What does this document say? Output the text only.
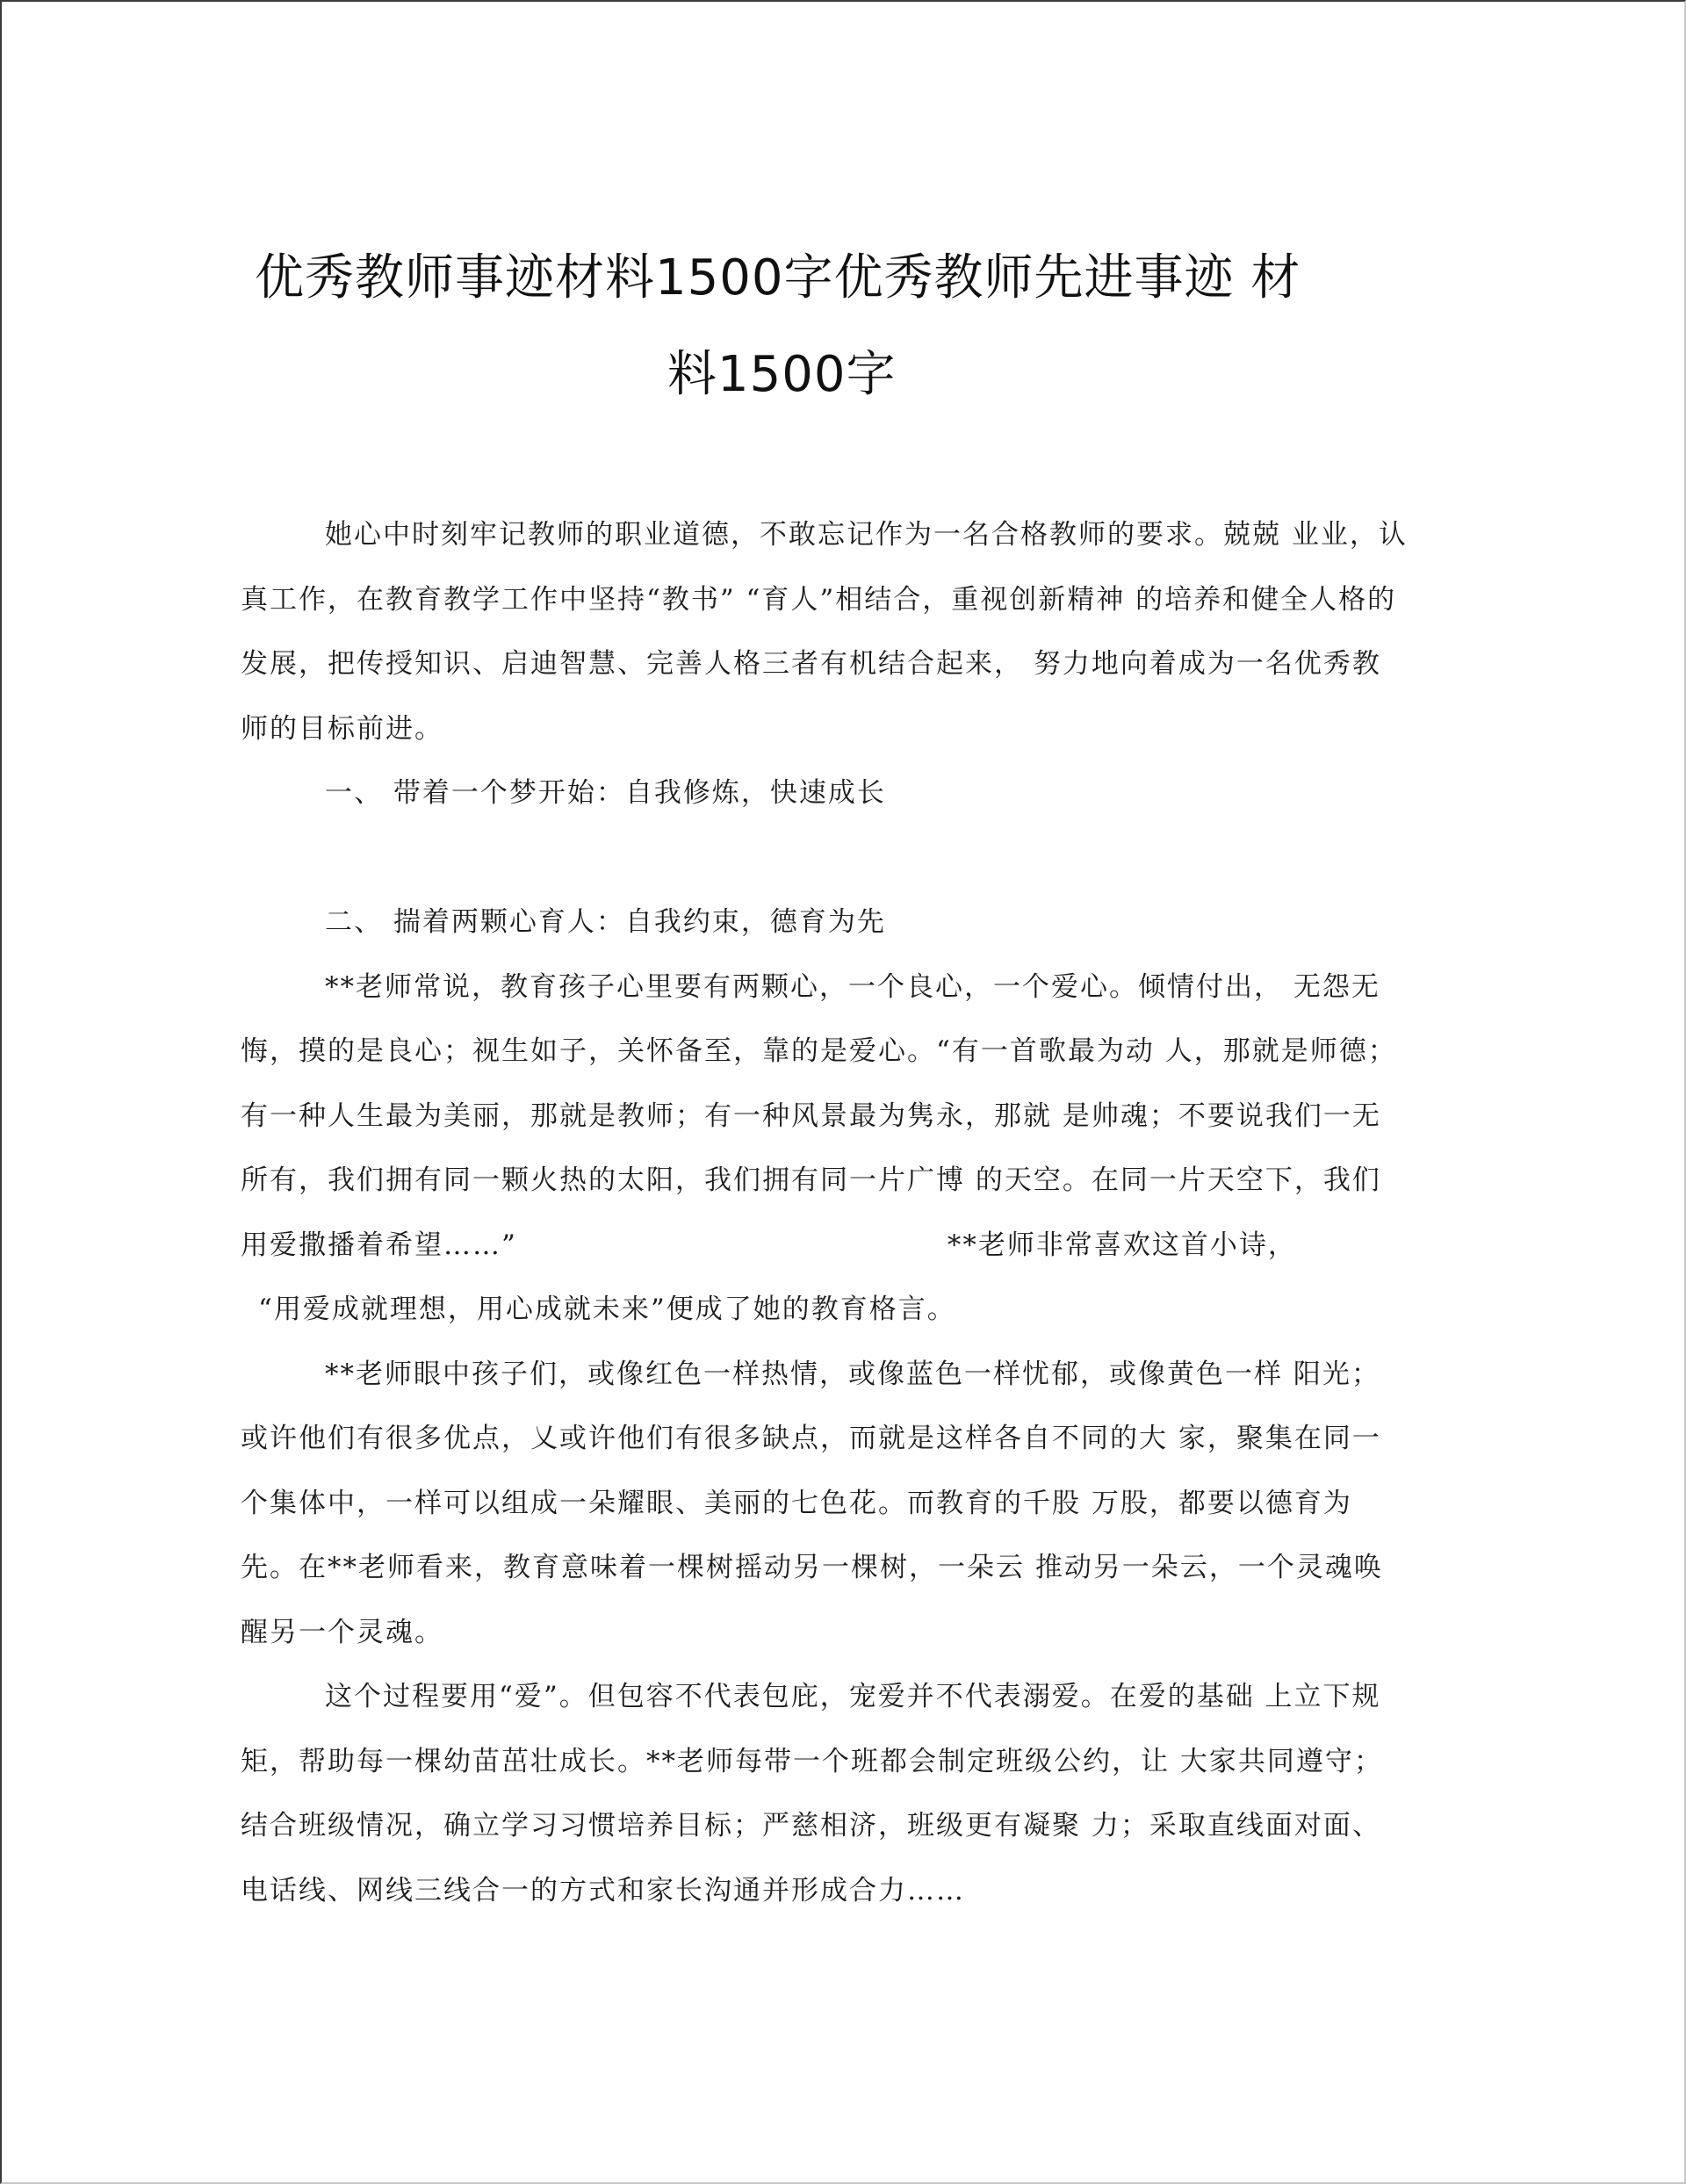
优秀教师事迹材料1500字优秀教师先进事迹 材
料1500字

她心中时刻牢记教师的职业道德，不敢忘记作为一名合格教师的要求。兢兢 业业，认真工作，在教育教学工作中坚持“教书” “育人”相结合，重视创新精神 的培养和健全人格的发展，把传授知识、启迪智慧、完善人格三者有机结合起来， 努力地向着成为一名优秀教师的目标前进。

一、 带着一个梦开始：自我修炼，快速成长

二、 揣着两颗心育人：自我约束，德育为先

**老师常说，教育孩子心里要有两颗心，一个良心，一个爱心。倾情付出， 无怨无悔，摸的是良心；视生如子，关怀备至，靠的是爱心。“有一首歌最为动 人，那就是师德；有一种人生最为美丽，那就是教师；有一种风景最为隽永，那就 是帅魂；不要说我们一无所有，我们拥有同一颗火热的太阳，我们拥有同一片广博 的天空。在同一片天空下，我们用爱撒播着希望……”	**老师非常喜欢这首小诗，

“用爱成就理想，用心成就未来”便成了她的教育格言。

**老师眼中孩子们，或像红色一样热情，或像蓝色一样忧郁，或像黄色一样 阳光；或许他们有很多优点，乂或许他们有很多缺点，而就是这样各自不同的大 家，聚集在同一个集体中，一样可以组成一朵耀眼、美丽的七色花。而教育的千股 万股，都要以德育为先。在**老师看来，教育意味着一棵树摇动另一棵树，一朵云 推动另一朵云，一个灵魂唤醒另一个灵魂。

这个过程要用“爱”。但包容不代表包庇，宠爱并不代表溺爱。在爱的基础 上立下规矩，帮助每一棵幼苗茁壮成长。**老师每带一个班都会制定班级公约，让 大家共同遵守；结合班级情况，确立学习习惯培养目标；严慈相济，班级更有凝聚 力；采取直线面对面、电话线、网线三线合一的方式和家长沟通并形成合力……
